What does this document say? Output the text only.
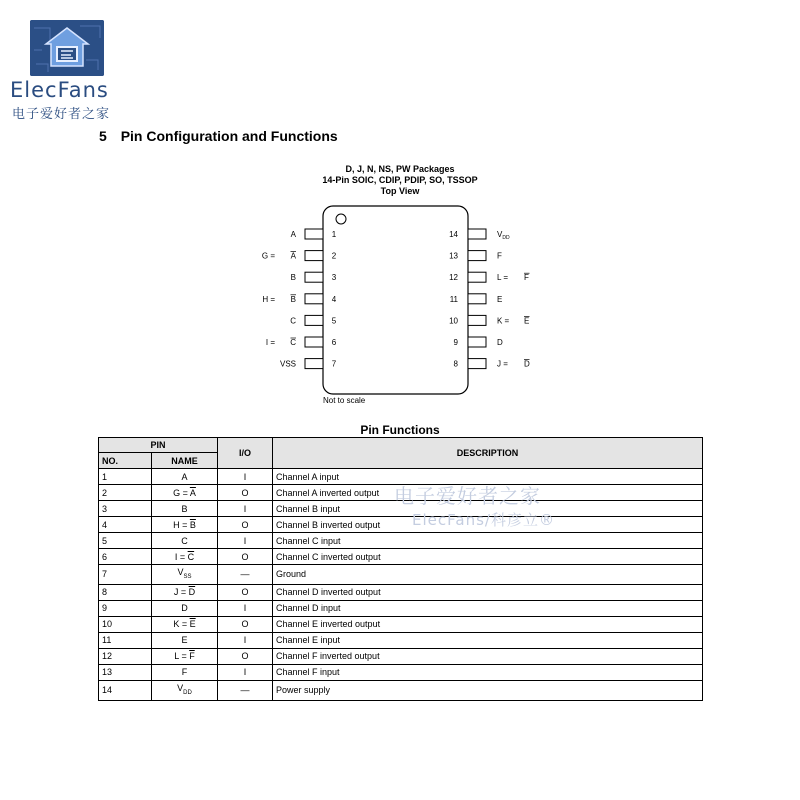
ElecFans
电子爱好者之家
5 Pin Configuration and Functions
D, J, N, NS, PW Packages
14-Pin SOIC, CDIP, PDIP, SO, TSSOP
Top View
1
A
2
A
G =
3
B
4
B
H =
5
C
6
C
I =
7
VSS
14	$V_{DD}$
13	F
12	L = F
11	E
10	K = E
9	D
8	J = D
Not to scale
Pin Functions
PIN		I/O	DESCRIPTION
NO.	NAME		
1	A	I	Channel A input
2	$G = \overline{A}$	O	Channel A inverted output
3	B	I	Channel B input
4	$H = \overline{B}$	O	Channel B inverted output
5	C	I	Channel C input
6	$I = \overline{C}$	O	Channel C inverted output
7	$V_{SS}$	—	Ground
8	$J = \overline{D}$	O	Channel D inverted output
9	D	I	Channel D input
10	$K = \overline{E}$	O	Channel E inverted output
11	E	I	Channel E input
12	$L = \overline{F}$	O	Channel F inverted output
13	F	I	Channel F input
14	$V_{DD}$	—	Power supply
电子爱好者之家
ElecFans/科彦立®
